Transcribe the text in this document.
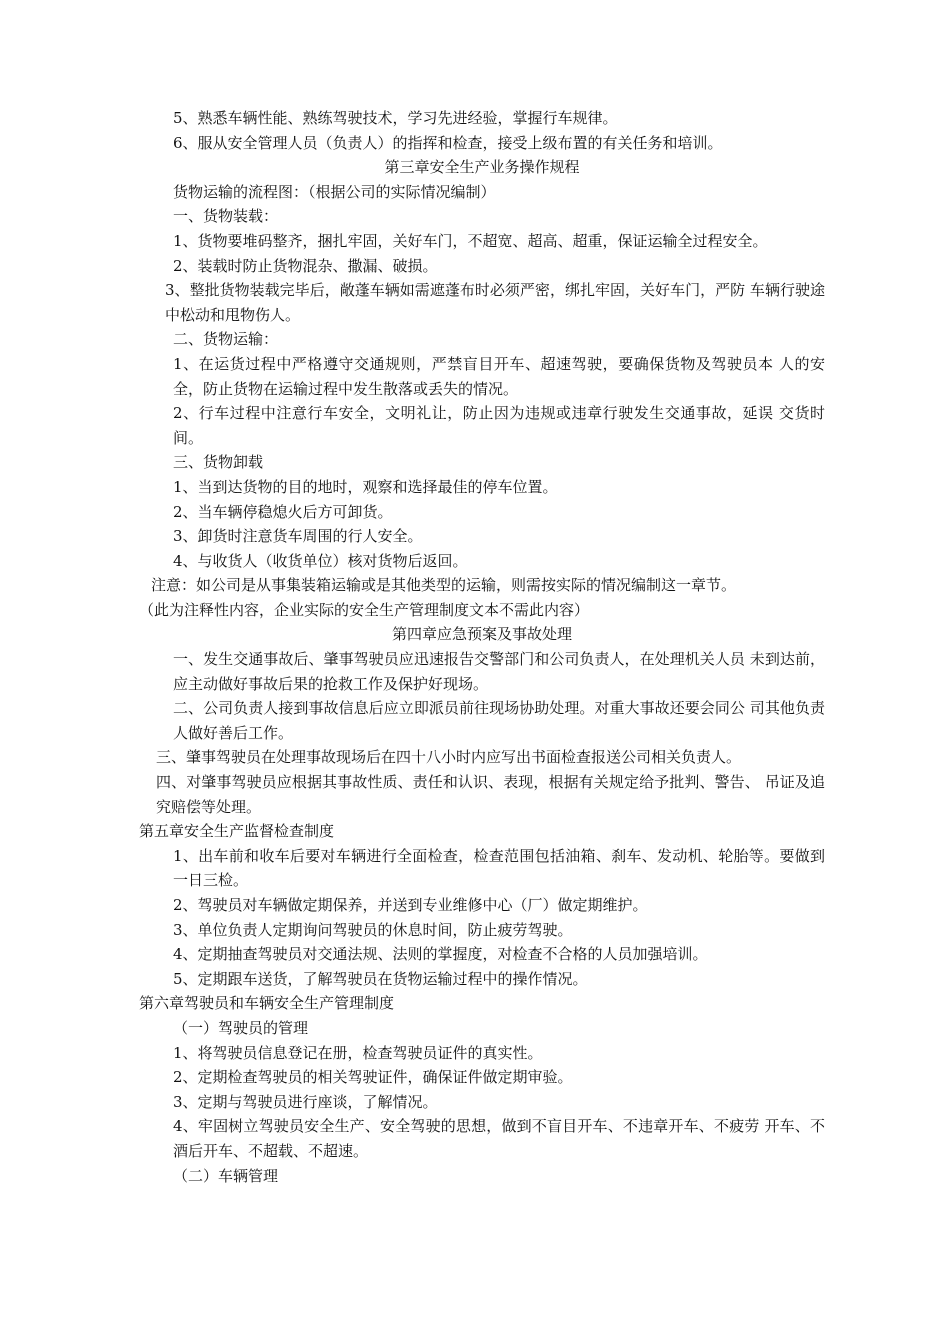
5、熟悉车辆性能、熟练驾驶技术，学习先进经验，掌握行车规律。
6、服从安全管理人员（负责人）的指挥和检查，接受上级布置的有关任务和培训。
第三章安全生产业务操作规程
货物运输的流程图：（根据公司的实际情况编制）
一、货物装载：
1、货物要堆码整齐，捆扎牢固，关好车门，不超宽、超高、超重，保证运输全过程安全。
2、装载时防止货物混杂、撒漏、破损。
3、整批货物装载完毕后，敞蓬车辆如需遮蓬布时必须严密，绑扎牢固，关好车门，严防 车辆行驶途中松动和甩物伤人。
二、货物运输：
1、在运货过程中严格遵守交通规则，严禁盲目开车、超速驾驶，要确保货物及驾驶员本 人的安全，防止货物在运输过程中发生散落或丢失的情况。
2、行车过程中注意行车安全，文明礼让，防止因为违规或违章行驶发生交通事故，延误 交货时间。
三、货物卸载
1、当到达货物的目的地时，观察和选择最佳的停车位置。
2、当车辆停稳熄火后方可卸货。
3、卸货时注意货车周围的行人安全。
4、与收货人（收货单位）核对货物后返回。
注意：如公司是从事集装箱运输或是其他类型的运输，则需按实际的情况编制这一章节。
（此为注释性内容，企业实际的安全生产管理制度文本不需此内容）
第四章应急预案及事故处理
一、发生交通事故后、肇事驾驶员应迅速报告交警部门和公司负责人，在处理机关人员 未到达前，应主动做好事故后果的抢救工作及保护好现场。
二、公司负责人接到事故信息后应立即派员前往现场协助处理。对重大事故还要会同公 司其他负责人做好善后工作。
三、肇事驾驶员在处理事故现场后在四十八小时内应写出书面检查报送公司相关负责人。
四、对肇事驾驶员应根据其事故性质、责任和认识、表现，根据有关规定给予批判、警告、 吊证及追究赔偿等处理。
第五章安全生产监督检查制度
1、出车前和收车后要对车辆进行全面检查，检查范围包括油箱、刹车、发动机、轮胎等。要做到一日三检。
2、驾驶员对车辆做定期保养，并送到专业维修中心（厂）做定期维护。
3、单位负责人定期询问驾驶员的休息时间，防止疲劳驾驶。
4、定期抽查驾驶员对交通法规、法则的掌握度，对检查不合格的人员加强培训。
5、定期跟车送货，了解驾驶员在货物运输过程中的操作情况。
第六章驾驶员和车辆安全生产管理制度
（一）驾驶员的管理
1、将驾驶员信息登记在册，检查驾驶员证件的真实性。
2、定期检查驾驶员的相关驾驶证件，确保证件做定期审验。
3、定期与驾驶员进行座谈，了解情况。
4、牢固树立驾驶员安全生产、安全驾驶的思想，做到不盲目开车、不违章开车、不疲劳 开车、不酒后开车、不超载、不超速。
（二）车辆管理
